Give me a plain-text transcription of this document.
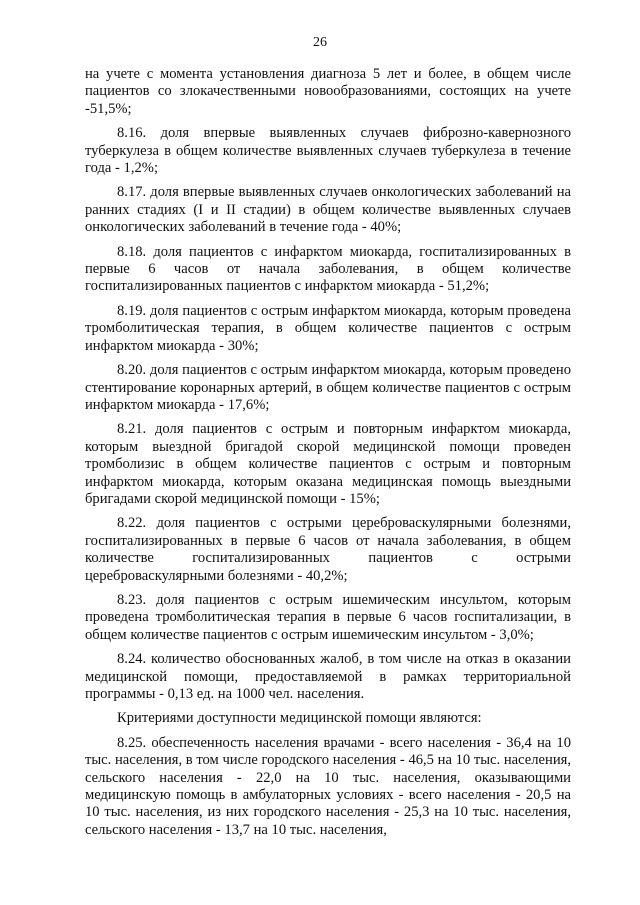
26

на учете с момента установления диагноза 5 лет и более, в общем числе пациентов со злокачественными новообразованиями, состоящих на учете -51,5%;

8.16. доля впервые выявленных случаев фиброзно-кавернозного туберкулеза в общем количестве выявленных случаев туберкулеза в течение года - 1,2%;

8.17. доля впервые выявленных случаев онкологических заболеваний на ранних стадиях (I и II стадии) в общем количестве выявленных случаев онкологических заболеваний в течение года - 40%;

8.18. доля пациентов с инфарктом миокарда, госпитализированных в первые 6 часов от начала заболевания, в общем количестве госпитализированных пациентов с инфарктом миокарда - 51,2%;

8.19. доля пациентов с острым инфарктом миокарда, которым проведена тромболитическая терапия, в общем количестве пациентов с острым инфарктом миокарда - 30%;

8.20. доля пациентов с острым инфарктом миокарда, которым проведено стентирование коронарных артерий, в общем количестве пациентов с острым инфарктом миокарда - 17,6%;

8.21. доля пациентов с острым и повторным инфарктом миокарда, которым выездной бригадой скорой медицинской помощи проведен тромболизис в общем количестве пациентов с острым и повторным инфарктом миокарда, которым оказана медицинская помощь выездными бригадами скорой медицинской помощи - 15%;

8.22. доля пациентов с острыми цереброваскулярными болезнями, госпитализированных в первые 6 часов от начала заболевания, в общем количестве госпитализированных пациентов с острыми цереброваскулярными болезнями - 40,2%;

8.23. доля пациентов с острым ишемическим инсультом, которым проведена тромболитическая терапия в первые 6 часов госпитализации, в общем количестве пациентов с острым ишемическим инсультом - 3,0%;

8.24. количество обоснованных жалоб, в том числе на отказ в оказании медицинской помощи, предоставляемой в рамках территориальной программы - 0,13 ед. на 1000 чел. населения.

Критериями доступности медицинской помощи являются:

8.25. обеспеченность населения врачами - всего населения - 36,4 на 10 тыс. населения, в том числе городского населения - 46,5 на 10 тыс. населения, сельского населения - 22,0 на 10 тыс. населения, оказывающими медицинскую помощь в амбулаторных условиях - всего населения - 20,5 на 10 тыс. населения, из них городского населения - 25,3 на 10 тыс. населения, сельского населения - 13,7 на 10 тыс. населения,
